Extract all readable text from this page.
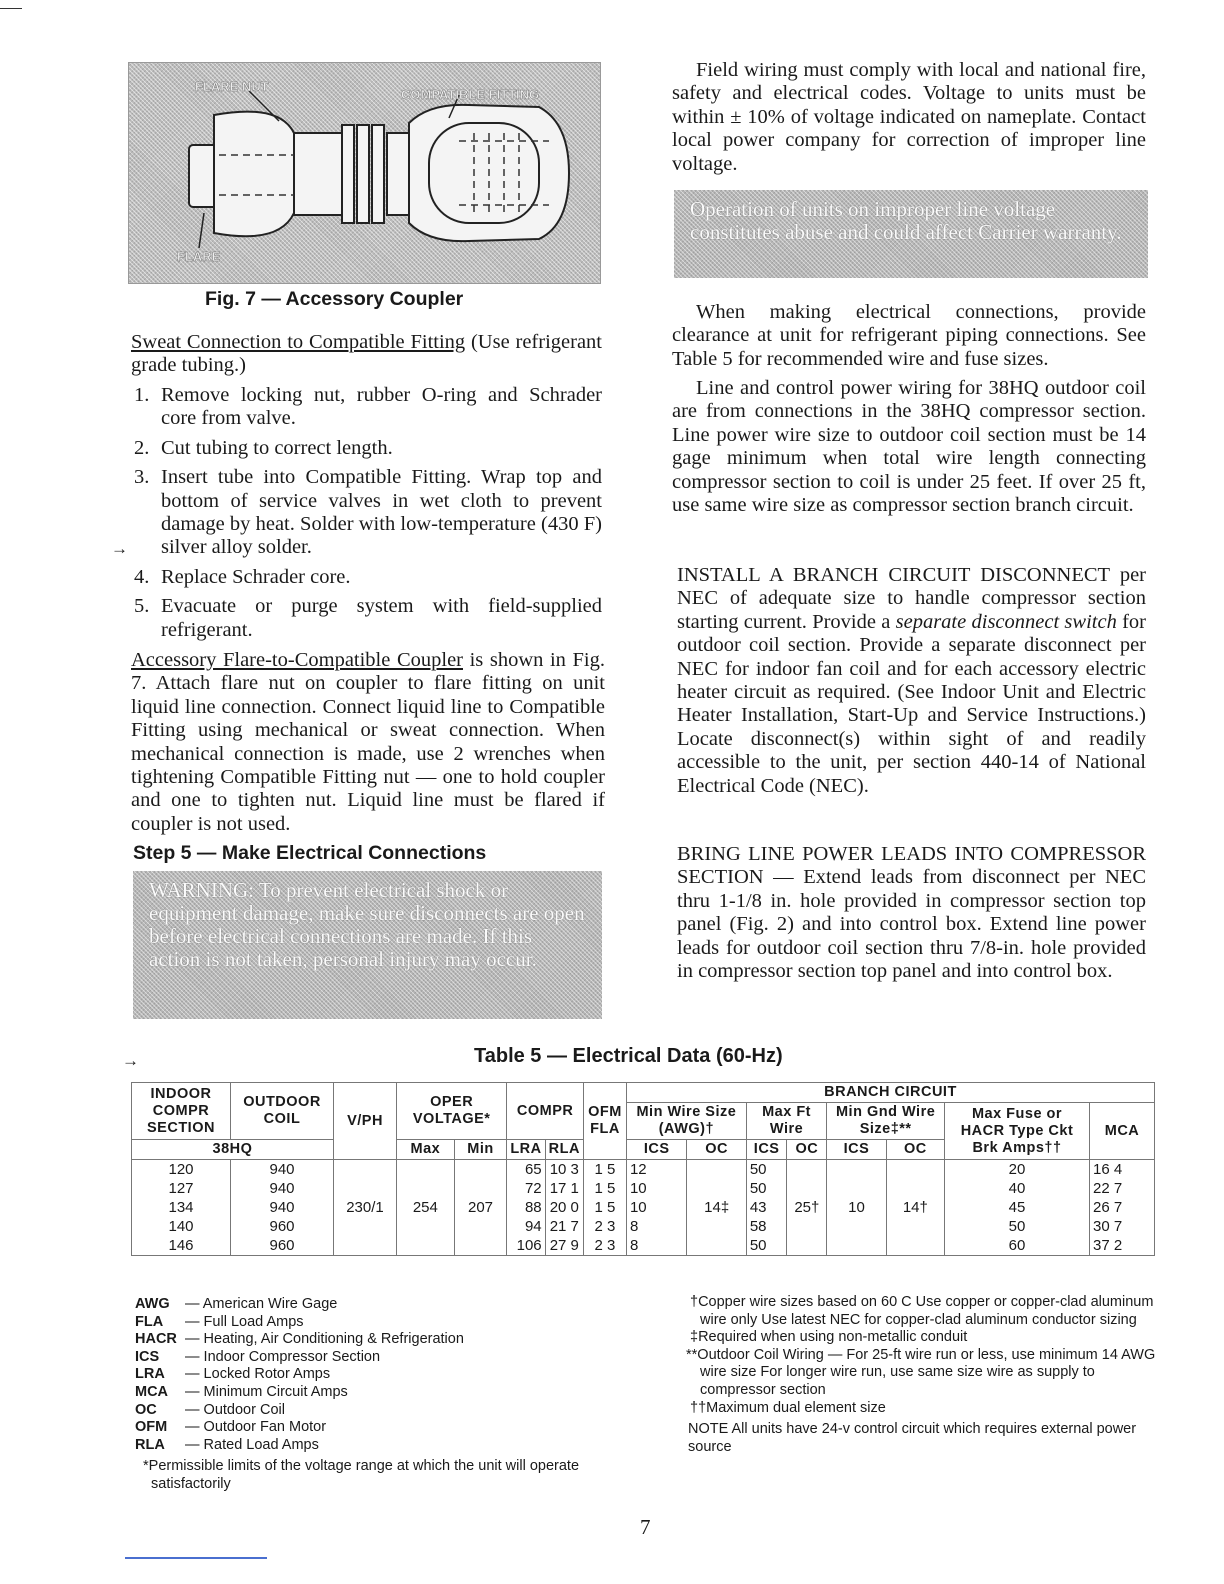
FLARE NUT
COMPATIBLE FITTING
FLARE
Fig. 7 — Accessory Coupler
Sweat Connection to Compatible Fitting (Use refrigerant grade tubing.)
1. Remove locking nut, rubber O-ring and Schrader core from valve.
2. Cut tubing to correct length.
3. Insert tube into Compatible Fitting. Wrap top and bottom of service valves in wet cloth to prevent damage by heat. Solder with low-temperature (430 F) silver alloy solder.
4. Replace Schrader core.
5. Evacuate or purge system with field-supplied refrigerant.
→
Accessory Flare-to-Compatible Coupler is shown in Fig. 7. Attach flare nut on coupler to flare fitting on unit liquid line connection. Connect liquid line to Compatible Fitting using mechanical or sweat connection. When mechanical connection is made, use 2 wrenches when tightening Compatible Fitting nut — one to hold coupler and one to tighten nut. Liquid line must be flared if coupler is not used.
Step 5 — Make Electrical Connections
WARNING: To prevent electrical shock or equipment damage, make sure disconnects are open before electrical connections are made. If this action is not taken, personal injury may occur.
Field wiring must comply with local and national fire, safety and electrical codes. Voltage to units must be within ± 10% of voltage indicated on nameplate. Contact local power company for correction of improper line voltage.
Operation of units on improper line voltage constitutes abuse and could affect Carrier warranty.
When making electrical connections, provide clearance at unit for refrigerant piping connections. See Table 5 for recommended wire and fuse sizes.
Line and control power wiring for 38HQ outdoor coil are from connections in the 38HQ compressor section. Line power wire size to outdoor coil section must be 14 gage minimum when total wire length connecting compressor section to coil is under 25 feet. If over 25 ft, use same wire size as compressor section branch circuit.
INSTALL A BRANCH CIRCUIT DISCONNECT per NEC of adequate size to handle compressor section starting current. Provide a separate disconnect switch for outdoor coil section. Provide a separate disconnect per NEC for indoor fan coil and for each accessory electric heater circuit as required. (See Indoor Unit and Electric Heater Installation, Start-Up and Service Instructions.) Locate disconnect(s) within sight of and readily accessible to the unit, per section 440-14 of National Electrical Code (NEC).
BRING LINE POWER LEADS INTO COMPRESSOR SECTION — Extend leads from disconnect per NEC thru 1-1/8 in. hole provided in compressor section top panel (Fig. 2) and into control box. Extend line power leads for outdoor coil section thru 7/8-in. hole provided in compressor section top panel and into control box.
→	Table 5 — Electrical Data (60-Hz)
INDOOR COMPR SECTION	OUTDOOR COIL	V/PH	OPER VOLTAGE*		COMPR		OFM FLA	BRANCH CIRCUIT							
								Min Wire Size (AWG)†		Max Ft Wire		Min Gnd Wire Size‡**		Max Fuse or HACR Type Ckt Brk Amps††	MCA

38HQ			Max	Min	LRA	RLA		ICS	OC	ICS	OC	ICS	OC		
120	940	230/1	254	207	65	10 3	1 5	12	14‡	50	25†	10	14†	20	16 4
127	940				72	17 1	1 5	10		50				40	22 7
134	940				88	20 0	1 5	10		43				45	26 7
140	960				94	21 7	2 3	8		58				50	30 7
146	960				106	27 9	2 3	8		50				60	37 2
AWG — American Wire Gage
FLA — Full Load Amps
HACR — Heating, Air Conditioning & Refrigeration
ICS — Indoor Compressor Section
LRA — Locked Rotor Amps
MCA — Minimum Circuit Amps
OC — Outdoor Coil
OFM — Outdoor Fan Motor
RLA — Rated Load Amps
*Permissible limits of the voltage range at which the unit will operate satisfactorily
†Copper wire sizes based on 60 C Use copper or copper-clad aluminum wire only Use latest NEC for copper-clad aluminum conductor sizing
‡Required when using non-metallic conduit
**Outdoor Coil Wiring — For 25-ft wire run or less, use minimum 14 AWG wire size For longer wire run, use same size wire as supply to compressor section
††Maximum dual element size
NOTE All units have 24-v control circuit which requires external power source
7
